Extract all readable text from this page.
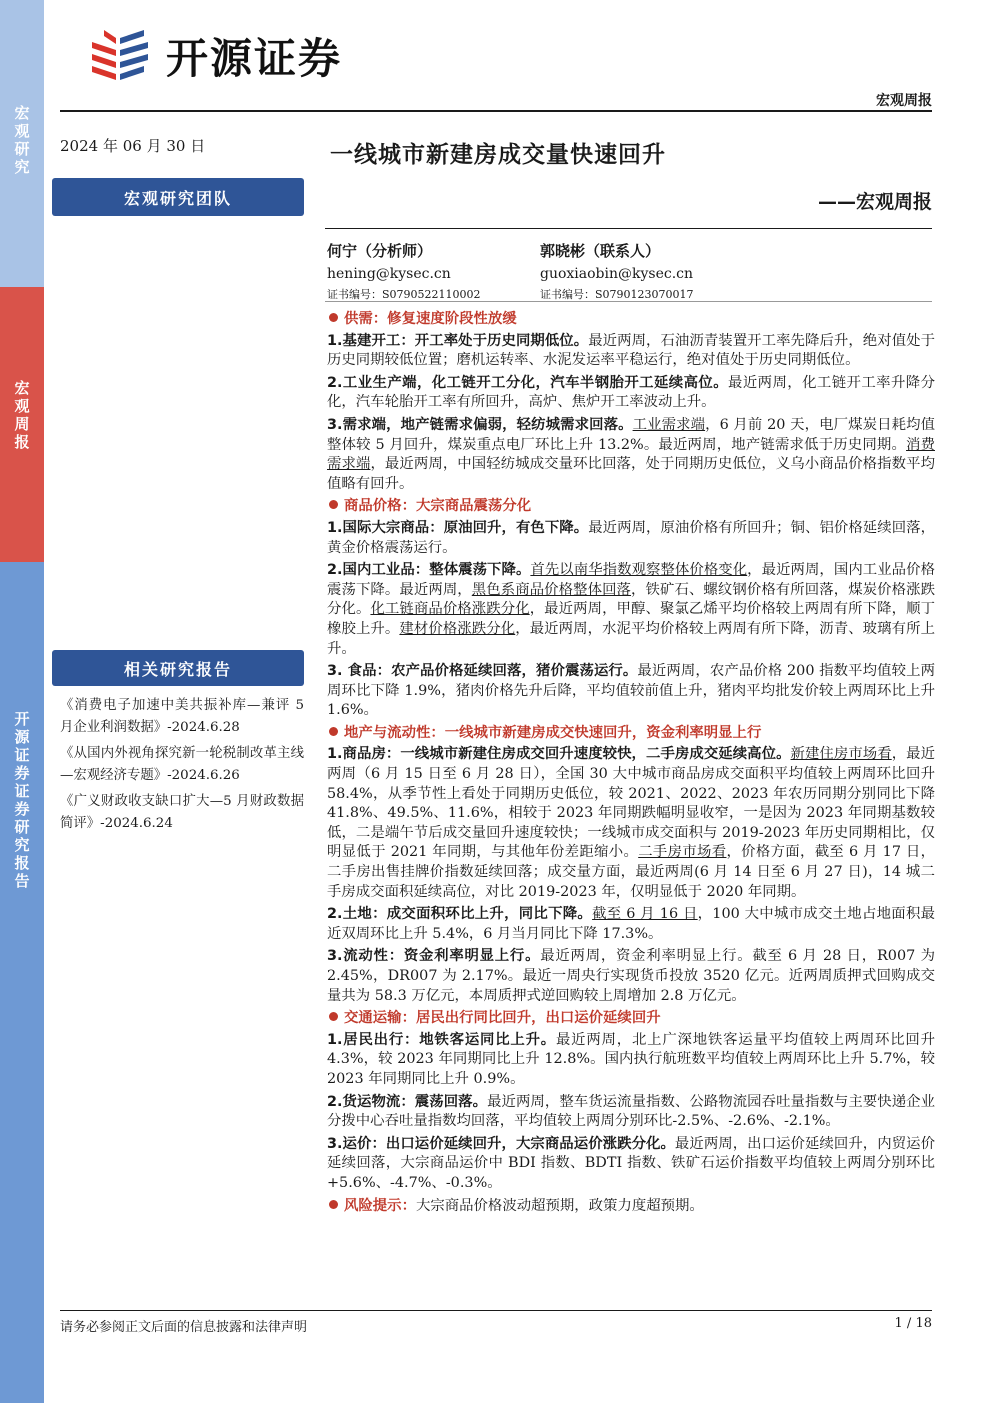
宏观研究
宏观周报
开源证券 证券研究报告
开源证券
宏观周报
2024 年 06 月 30 日	一线城市新建房成交量快速回升
宏观研究团队	——宏观周报
何宁（分析师）
hening@kysec.cn
证书编号：S0790522110002
郭晓彬（联系人）
guoxiaobin@kysec.cn
证书编号：S0790123070017
相关研究报告
《消费电子加速中美共振补库—兼评 5 月企业利润数据》-2024.6.28
《从国内外视角探究新一轮税制改革主线—宏观经济专题》-2024.6.26
《广义财政收支缺口扩大—5 月财政数据简评》-2024.6.24
供需：修复速度阶段性放缓
1.基建开工：开工率处于历史同期低位。最近两周，石油沥青装置开工率先降后升，绝对值处于历史同期较低位置；磨机运转率、水泥发运率平稳运行，绝对值处于历史同期低位。
2.工业生产端，化工链开工分化，汽车半钢胎开工延续高位。最近两周，化工链开工率升降分化，汽车轮胎开工率有所回升，高炉、焦炉开工率波动上升。
3.需求端，地产链需求偏弱，轻纺城需求回落。工业需求端，6 月前 20 天，电厂煤炭日耗均值整体较 5 月回升，煤炭重点电厂环比上升 13.2%。最近两周，地产链需求低于历史同期。消费需求端，最近两周，中国轻纺城成交量环比回落，处于同期历史低位，义乌小商品价格指数平均值略有回升。
商品价格：大宗商品震荡分化
1.国际大宗商品：原油回升，有色下降。最近两周，原油价格有所回升；铜、铝价格延续回落，黄金价格震荡运行。
2.国内工业品：整体震荡下降。首先以南华指数观察整体价格变化，最近两周，国内工业品价格震荡下降。最近两周，黑色系商品价格整体回落，铁矿石、螺纹钢价格有所回落，煤炭价格涨跌分化。化工链商品价格涨跌分化，最近两周，甲醇、聚氯乙烯平均价格较上两周有所下降，顺丁橡胶上升。建材价格涨跌分化，最近两周，水泥平均价格较上两周有所下降，沥青、玻璃有所上升。
3. 食品：农产品价格延续回落，猪价震荡运行。最近两周，农产品价格 200 指数平均值较上两周环比下降 1.9%，猪肉价格先升后降，平均值较前值上升，猪肉平均批发价较上两周环比上升 1.6%。
地产与流动性：一线城市新建房成交快速回升，资金利率明显上行
1.商品房：一线城市新建住房成交回升速度较快，二手房成交延续高位。新建住房市场看，最近两周（6 月 15 日至 6 月 28 日），全国 30 大中城市商品房成交面积平均值较上两周环比回升 58.4%，从季节性上看处于同期历史低位，较 2021、2022、2023 年农历同期分别同比下降 41.8%、49.5%、11.6%，相较于 2023 年同期跌幅明显收窄，一是因为 2023 年同期基数较低，二是端午节后成交量回升速度较快；一线城市成交面积与 2019-2023 年历史同期相比，仅明显低于 2021 年同期，与其他年份差距缩小。二手房市场看，价格方面，截至 6 月 17 日，二手房出售挂牌价指数延续回落；成交量方面，最近两周(6 月 14 日至 6 月 27 日)，14 城二手房成交面积延续高位，对比 2019-2023 年，仅明显低于 2020 年同期。
2.土地：成交面积环比上升，同比下降。截至 6 月 16 日，100 大中城市成交土地占地面积最近双周环比上升 5.4%，6 月当月同比下降 17.3%。
3.流动性：资金利率明显上行。最近两周，资金利率明显上行。截至 6 月 28 日，R007 为 2.45%，DR007 为 2.17%。最近一周央行实现货币投放 3520 亿元。近两周质押式回购成交量共为 58.3 万亿元，本周质押式逆回购较上周增加 2.8 万亿元。
交通运输：居民出行同比回升，出口运价延续回升
1.居民出行：地铁客运同比上升。最近两周，北上广深地铁客运量平均值较上两周环比回升 4.3%，较 2023 年同期同比上升 12.8%。国内执行航班数平均值较上两周环比上升 5.7%，较 2023 年同期同比上升 0.9%。
2.货运物流：震荡回落。最近两周，整车货运流量指数、公路物流园吞吐量指数与主要快递企业分拨中心吞吐量指数均回落，平均值较上两周分别环比-2.5%、-2.6%、-2.1%。
3.运价：出口运价延续回升，大宗商品运价涨跌分化。最近两周，出口运价延续回升，内贸运价延续回落，大宗商品运价中 BDI 指数、BDTI 指数、铁矿石运价指数平均值较上两周分别环比+5.6%、-4.7%、-0.3%。
风险提示：大宗商品价格波动超预期，政策力度超预期。
请务必参阅正文后面的信息披露和法律声明	1 / 18
